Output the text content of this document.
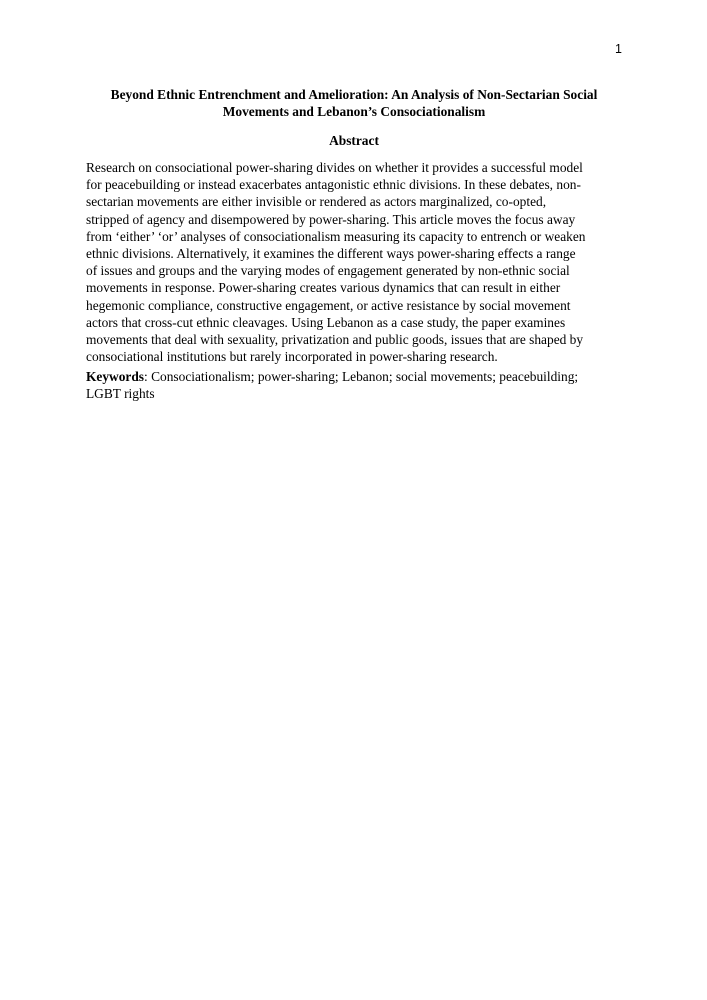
1
Beyond Ethnic Entrenchment and Amelioration: An Analysis of Non-Sectarian Social
Movements and Lebanon’s Consociationalism
Abstract

Research on consociational power-sharing divides on whether it provides a successful model
for peacebuilding or instead exacerbates antagonistic ethnic divisions. In these debates, non-
sectarian movements are either invisible or rendered as actors marginalized, co-opted,
stripped of agency and disempowered by power-sharing. This article moves the focus away
from ‘either’ ‘or’ analyses of consociationalism measuring its capacity to entrench or weaken
ethnic divisions. Alternatively, it examines the different ways power-sharing effects a range
of issues and groups and the varying modes of engagement generated by non-ethnic social
movements in response. Power-sharing creates various dynamics that can result in either
hegemonic compliance, constructive engagement, or active resistance by social movement
actors that cross-cut ethnic cleavages. Using Lebanon as a case study, the paper examines
movements that deal with sexuality, privatization and public goods, issues that are shaped by
consociational institutions but rarely incorporated in power-sharing research.

Keywords: Consociationalism; power-sharing; Lebanon; social movements; peacebuilding;
LGBT rights
